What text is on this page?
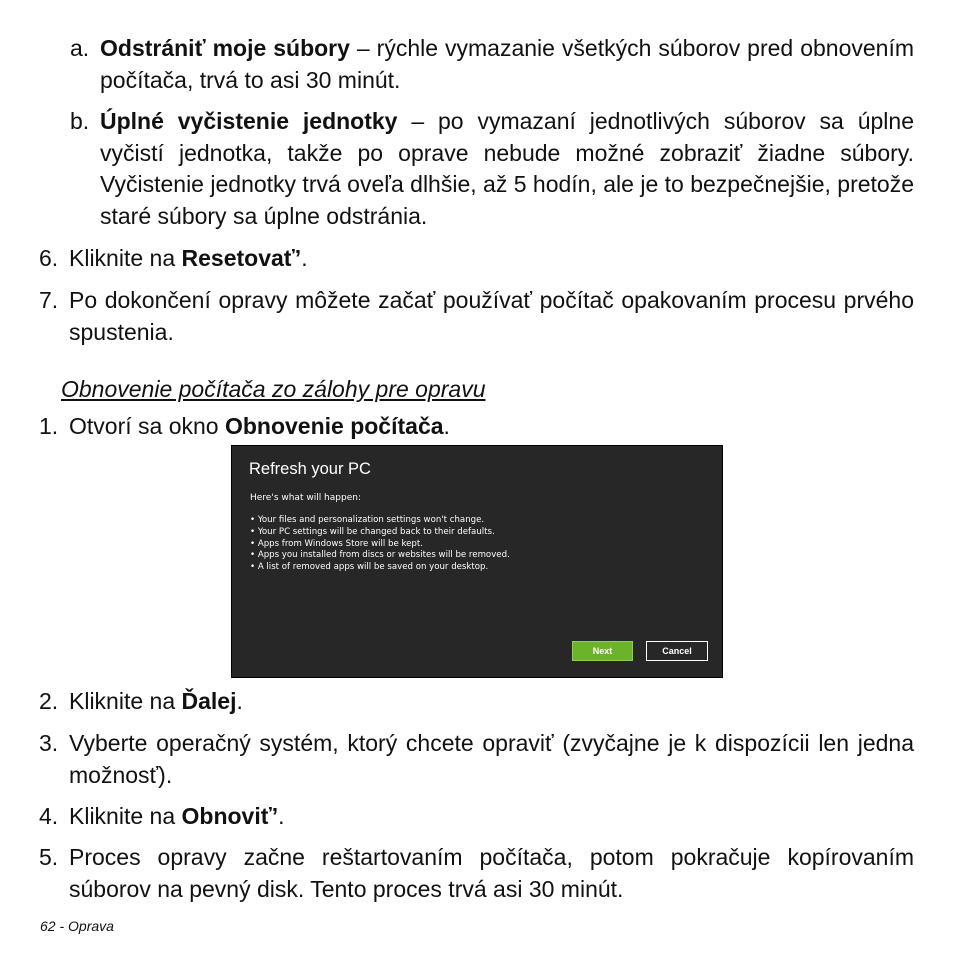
a. Odstrániť moje súbory – rýchle vymazanie všetkých súborov pred obnovením počítača, trvá to asi 30 minút.
b. Úplné vyčistenie jednotky – po vymazaní jednotlivých súborov sa úplne vyčistí jednotka, takže po oprave nebude možné zobraziť žiadne súbory. Vyčistenie jednotky trvá oveľa dlhšie, až 5 hodín, ale je to bezpečnejšie, pretože staré súbory sa úplne odstránia.
6. Kliknite na Resetovať’.
7. Po dokončení opravy môžete začať používať počítač opakovaním procesu prvého spustenia.
Obnovenie počítača zo zálohy pre opravu
1. Otvorí sa okno Obnovenie počítača.
Refresh your PC
Here's what will happen:
• Your files and personalization settings won't change.
• Your PC settings will be changed back to their defaults.
• Apps from Windows Store will be kept.
• Apps you installed from discs or websites will be removed.
• A list of removed apps will be saved on your desktop.
Next	Cancel
2. Kliknite na Ďalej.
3. Vyberte operačný systém, ktorý chcete opraviť (zvyčajne je k dispozícii len jedna možnosť).
4. Kliknite na Obnoviť’.
5. Proces opravy začne reštartovaním počítača, potom pokračuje kopírovaním súborov na pevný disk. Tento proces trvá asi 30 minút.
62 - Oprava
